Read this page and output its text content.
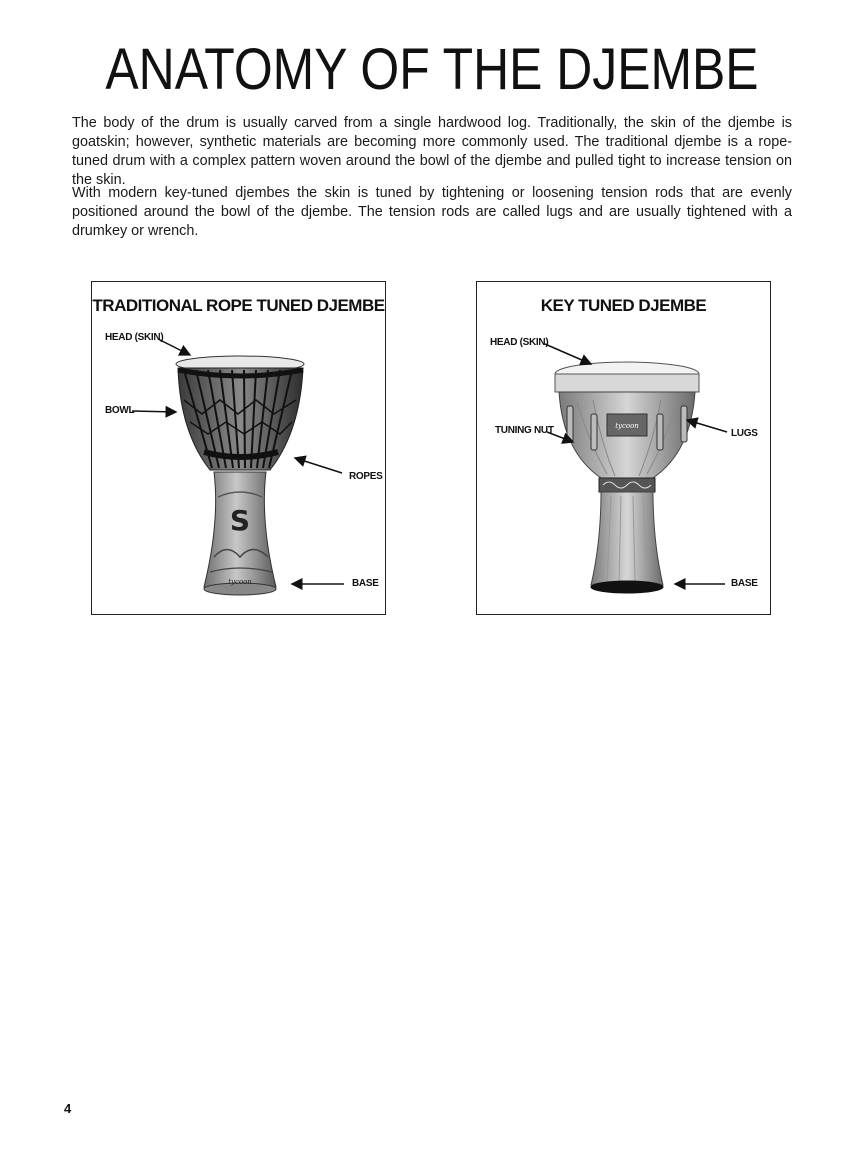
ANATOMY OF THE DJEMBE

The body of the drum is usually carved from a single hardwood log. Traditionally, the skin of the djembe is goatskin; however, synthetic materials are becoming more commonly used. The traditional djembe is a rope-tuned drum with a complex pattern woven around the bowl of the djembe and pulled tight to increase tension on the skin.

With modern key-tuned djembes the skin is tuned by tightening or loosening tension rods that are evenly positioned around the bowl of the djembe. The tension rods are called lugs and are usually tightened with a drumkey or wrench.

S
tycoon
TRADITIONAL ROPE TUNED DJEMBE
HEAD (SKIN)
BOWL
ROPES
BASE
tycoon
KEY TUNED DJEMBE
HEAD (SKIN)
TUNING NUT	LUGS
BASE
4
